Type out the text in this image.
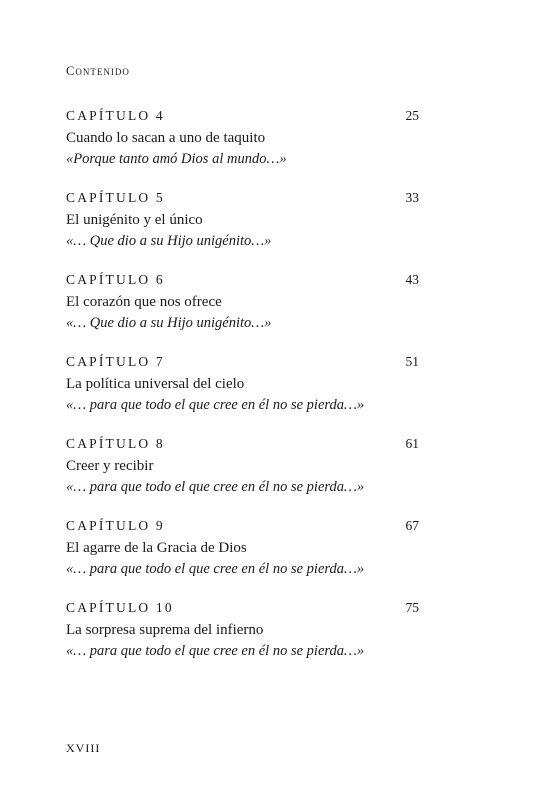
Contenido
CAPÍTULO 4	25
Cuando lo sacan a uno de taquito
«Porque tanto amó Dios al mundo…»
CAPÍTULO 5	33
El unigénito y el único
«… Que dio a su Hijo unigénito…»
CAPÍTULO 6	43
El corazón que nos ofrece
«… Que dio a su Hijo unigénito…»
CAPÍTULO 7	51
La política universal del cielo
«… para que todo el que cree en él no se pierda…»
CAPÍTULO 8	61
Creer y recibir
«… para que todo el que cree en él no se pierda…»
CAPÍTULO 9	67
El agarre de la Gracia de Dios
«… para que todo el que cree en él no se pierda…»
CAPÍTULO 10	75
La sorpresa suprema del infierno
«… para que todo el que cree en él no se pierda…»
XVIII
